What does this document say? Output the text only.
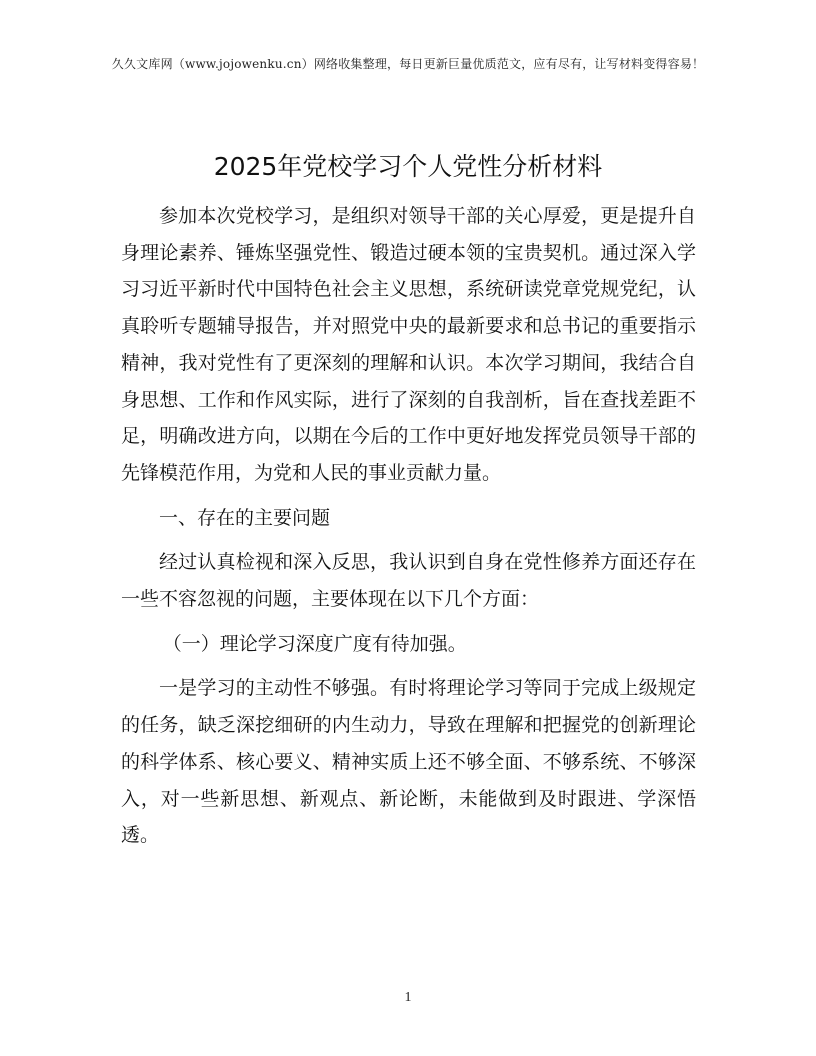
久久文库网（www.jojowenku.cn）网络收集整理，每日更新巨量优质范文，应有尽有，让写材料变得容易！
2025年党校学习个人党性分析材料

参加本次党校学习，是组织对领导干部的关心厚爱，更是提升自身理论素养、锤炼坚强党性、锻造过硬本领的宝贵契机。通过深入学习习近平新时代中国特色社会主义思想，系统研读党章党规党纪，认真聆听专题辅导报告，并对照党中央的最新要求和总书记的重要指示精神，我对党性有了更深刻的理解和认识。本次学习期间，我结合自身思想、工作和作风实际，进行了深刻的自我剖析，旨在查找差距不足，明确改进方向，以期在今后的工作中更好地发挥党员领导干部的先锋模范作用，为党和人民的事业贡献力量。

一、存在的主要问题

经过认真检视和深入反思，我认识到自身在党性修养方面还存在一些不容忽视的问题，主要体现在以下几个方面：

（一）理论学习深度广度有待加强。

一是学习的主动性不够强。有时将理论学习等同于完成上级规定的任务，缺乏深挖细研的内生动力，导致在理解和把握党的创新理论的科学体系、核心要义、精神实质上还不够全面、不够系统、不够深入，对一些新思想、新观点、新论断，未能做到及时跟进、学深悟透。

1
